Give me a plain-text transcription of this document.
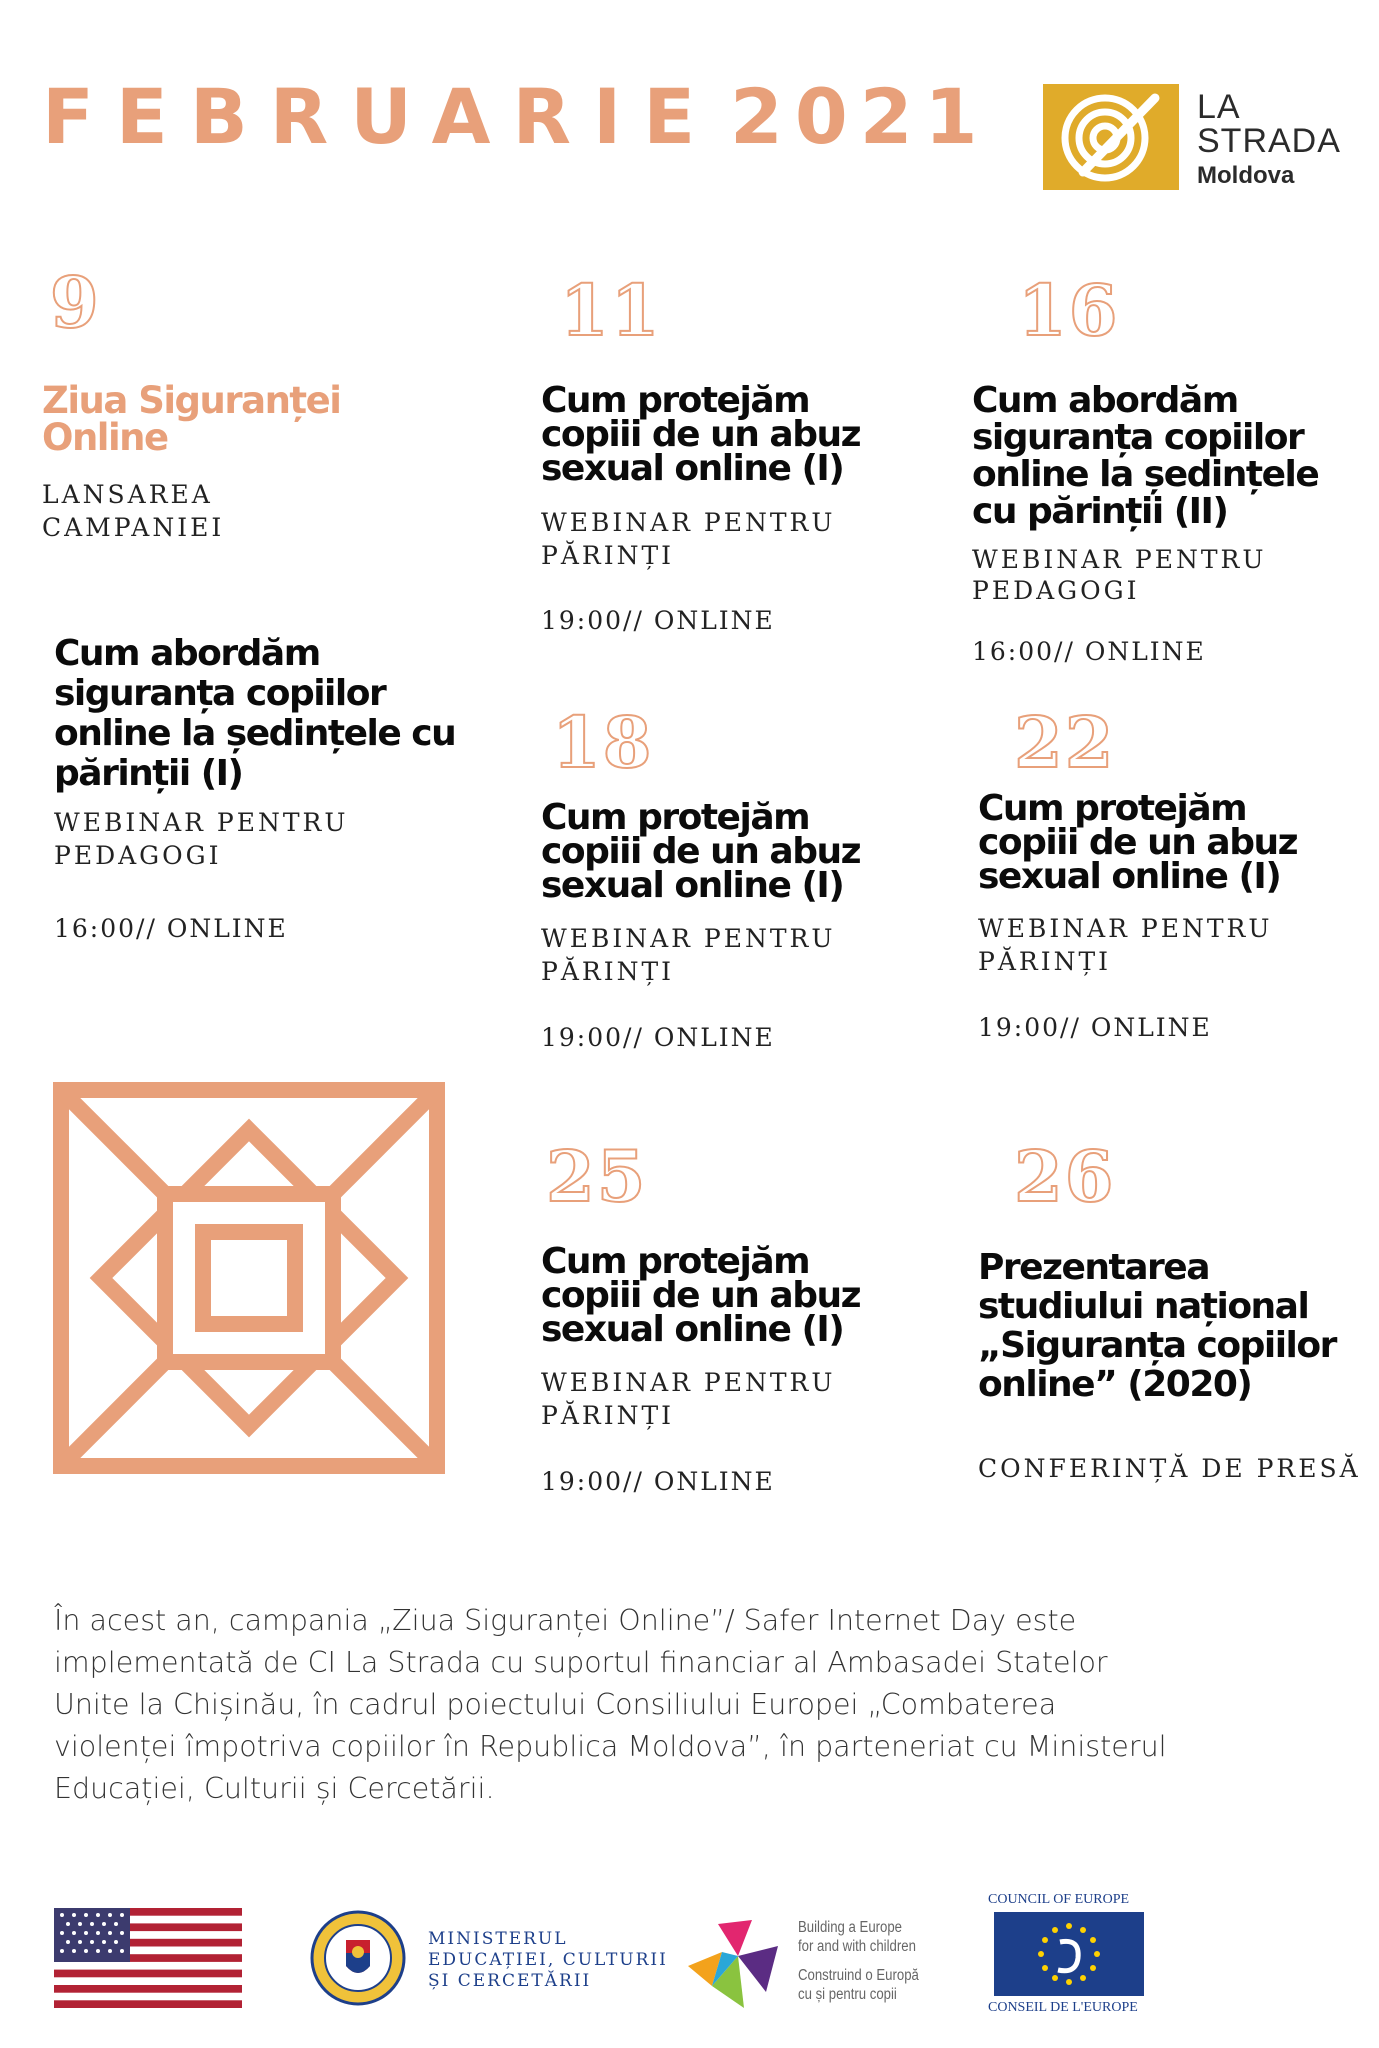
FEBRUARIE 2021	LA
STRADA
Moldova
9
Ziua Siguranței
Online
LANSAREA
CAMPANIEI
Cum abordăm
siguranța copiilor
online la ședințele cu
părinții (I)
WEBINAR PENTRU
PEDAGOGI
16:00// ONLINE
11
Cum protejăm
copiii de un abuz
sexual online (I)
WEBINAR PENTRU
PĂRINȚI
19:00// ONLINE
16
Cum abordăm
siguranța copiilor
online la ședințele
cu părinții (II)
WEBINAR PENTRU
PEDAGOGI
16:00// ONLINE
18
Cum protejăm
copiii de un abuz
sexual online (I)
WEBINAR PENTRU
PĂRINȚI
19:00// ONLINE
22
Cum protejăm
copiii de un abuz
sexual online (I)
WEBINAR PENTRU
PĂRINȚI
19:00// ONLINE
25
Cum protejăm
copiii de un abuz
sexual online (I)
WEBINAR PENTRU
PĂRINȚI
19:00// ONLINE
26
Prezentarea
studiului național
„Siguranța copiilor
online” (2020)
CONFERINȚĂ DE PRESĂ
În acest an, campania „Ziua Siguranței Online”/ Safer Internet Day este implementată de CI La Strada cu suportul financiar al Ambasadei Statelor Unite la Chișinău, în cadrul poiectului Consiliului Europei „Combaterea violenței împotriva copiilor în Republica Moldova”, în parteneriat cu Ministerul Educației, Culturii și Cercetării.
MINISTERUL
EDUCAȚIEI, CULTURII
ȘI CERCETĂRII
Building a Europe
for and with children
Construind o Europă
cu și pentru copii
COUNCIL OF EUROPE
CONSEIL DE L'EUROPE
